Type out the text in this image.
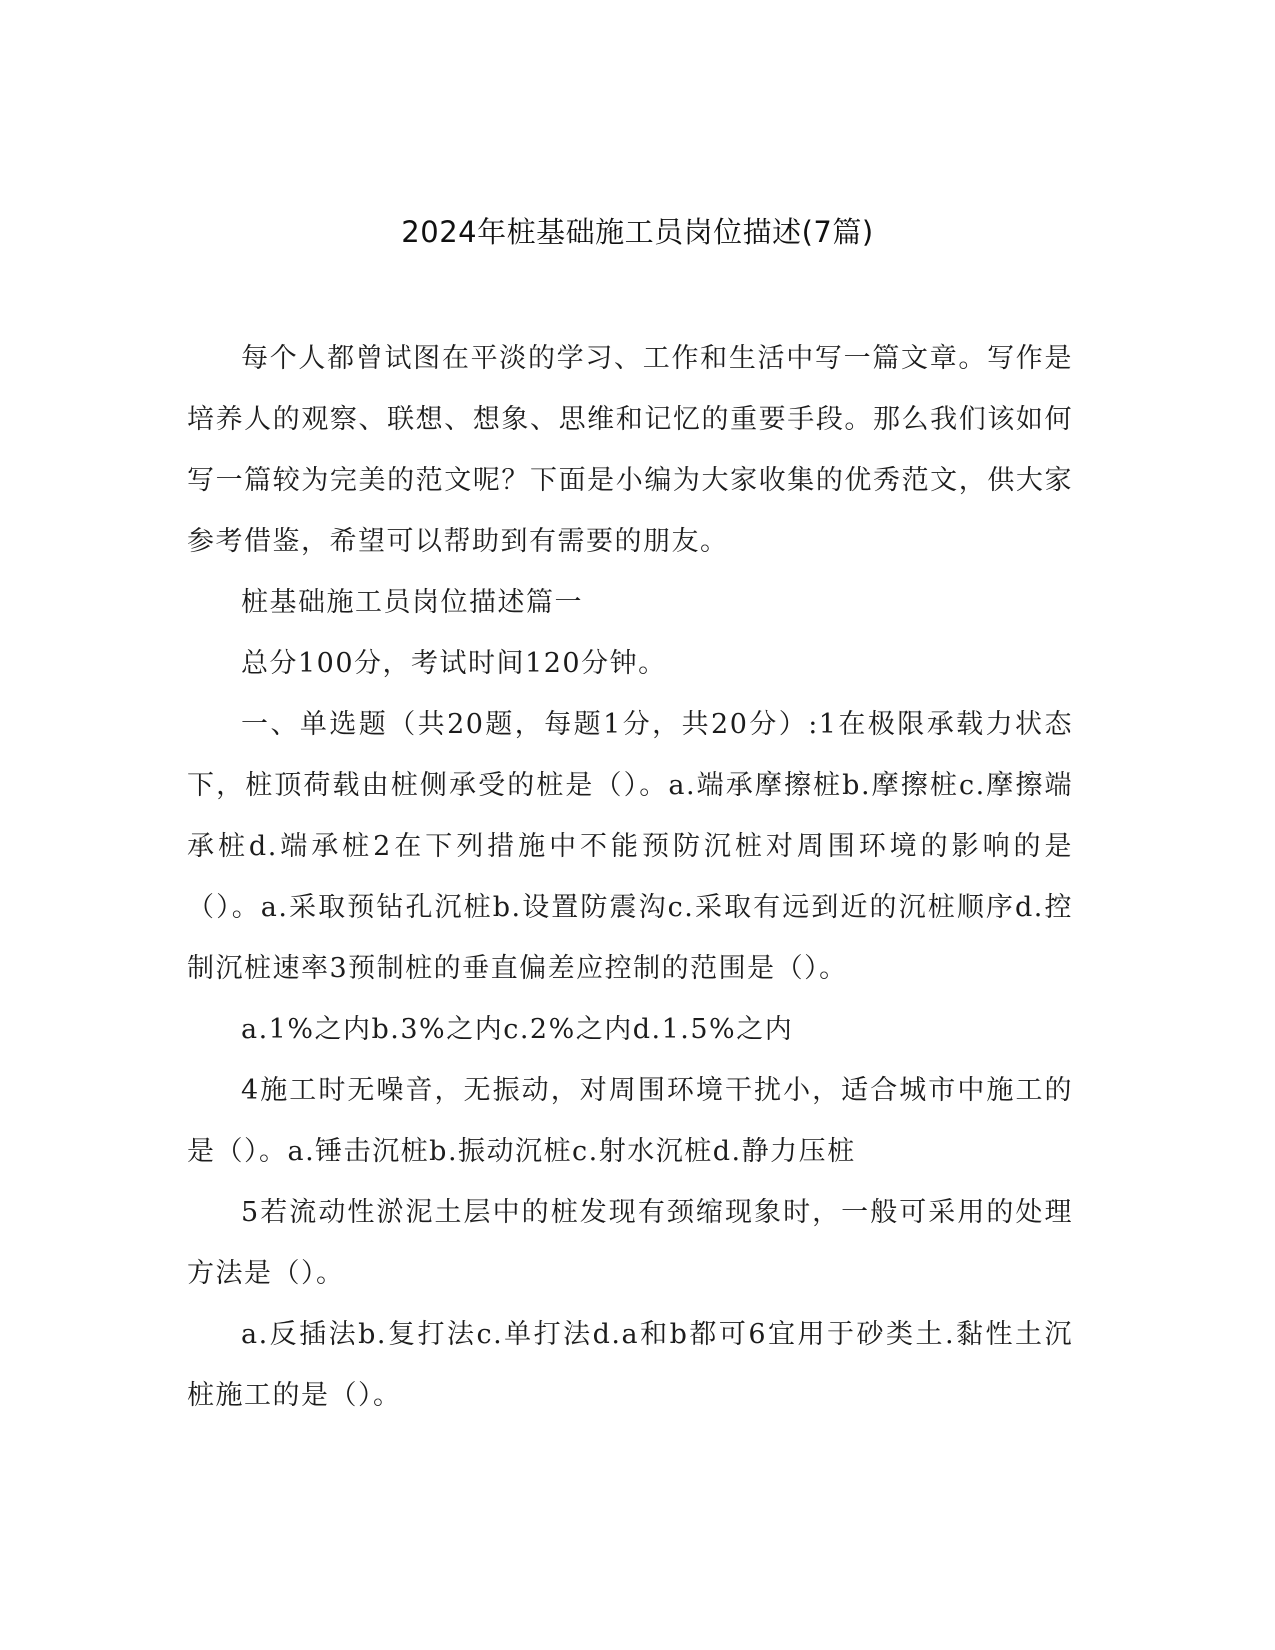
2024年桩基础施工员岗位描述(7篇)

每个人都曾试图在平淡的学习、工作和生活中写一篇文章。写作是培养人的观察、联想、想象、思维和记忆的重要手段。那么我们该如何写一篇较为完美的范文呢？下面是小编为大家收集的优秀范文，供大家参考借鉴，希望可以帮助到有需要的朋友。

桩基础施工员岗位描述篇一

总分100分，考试时间120分钟。

一、单选题（共20题，每题1分，共20分）:1在极限承载力状态下，桩顶荷载由桩侧承受的桩是（）。a.端承摩擦桩b.摩擦桩c.摩擦端承桩d.端承桩2在下列措施中不能预防沉桩对周围环境的影响的是（）。a.采取预钻孔沉桩b.设置防震沟c.采取有远到近的沉桩顺序d.控制沉桩速率3预制桩的垂直偏差应控制的范围是（）。

a.1%之内b.3%之内c.2%之内d.1.5%之内

4施工时无噪音，无振动，对周围环境干扰小，适合城市中施工的是（）。a.锤击沉桩b.振动沉桩c.射水沉桩d.静力压桩

5若流动性淤泥土层中的桩发现有颈缩现象时，一般可采用的处理方法是（）。

a.反插法b.复打法c.单打法d.a和b都可6宜用于砂类土.黏性土沉桩施工的是（）。
